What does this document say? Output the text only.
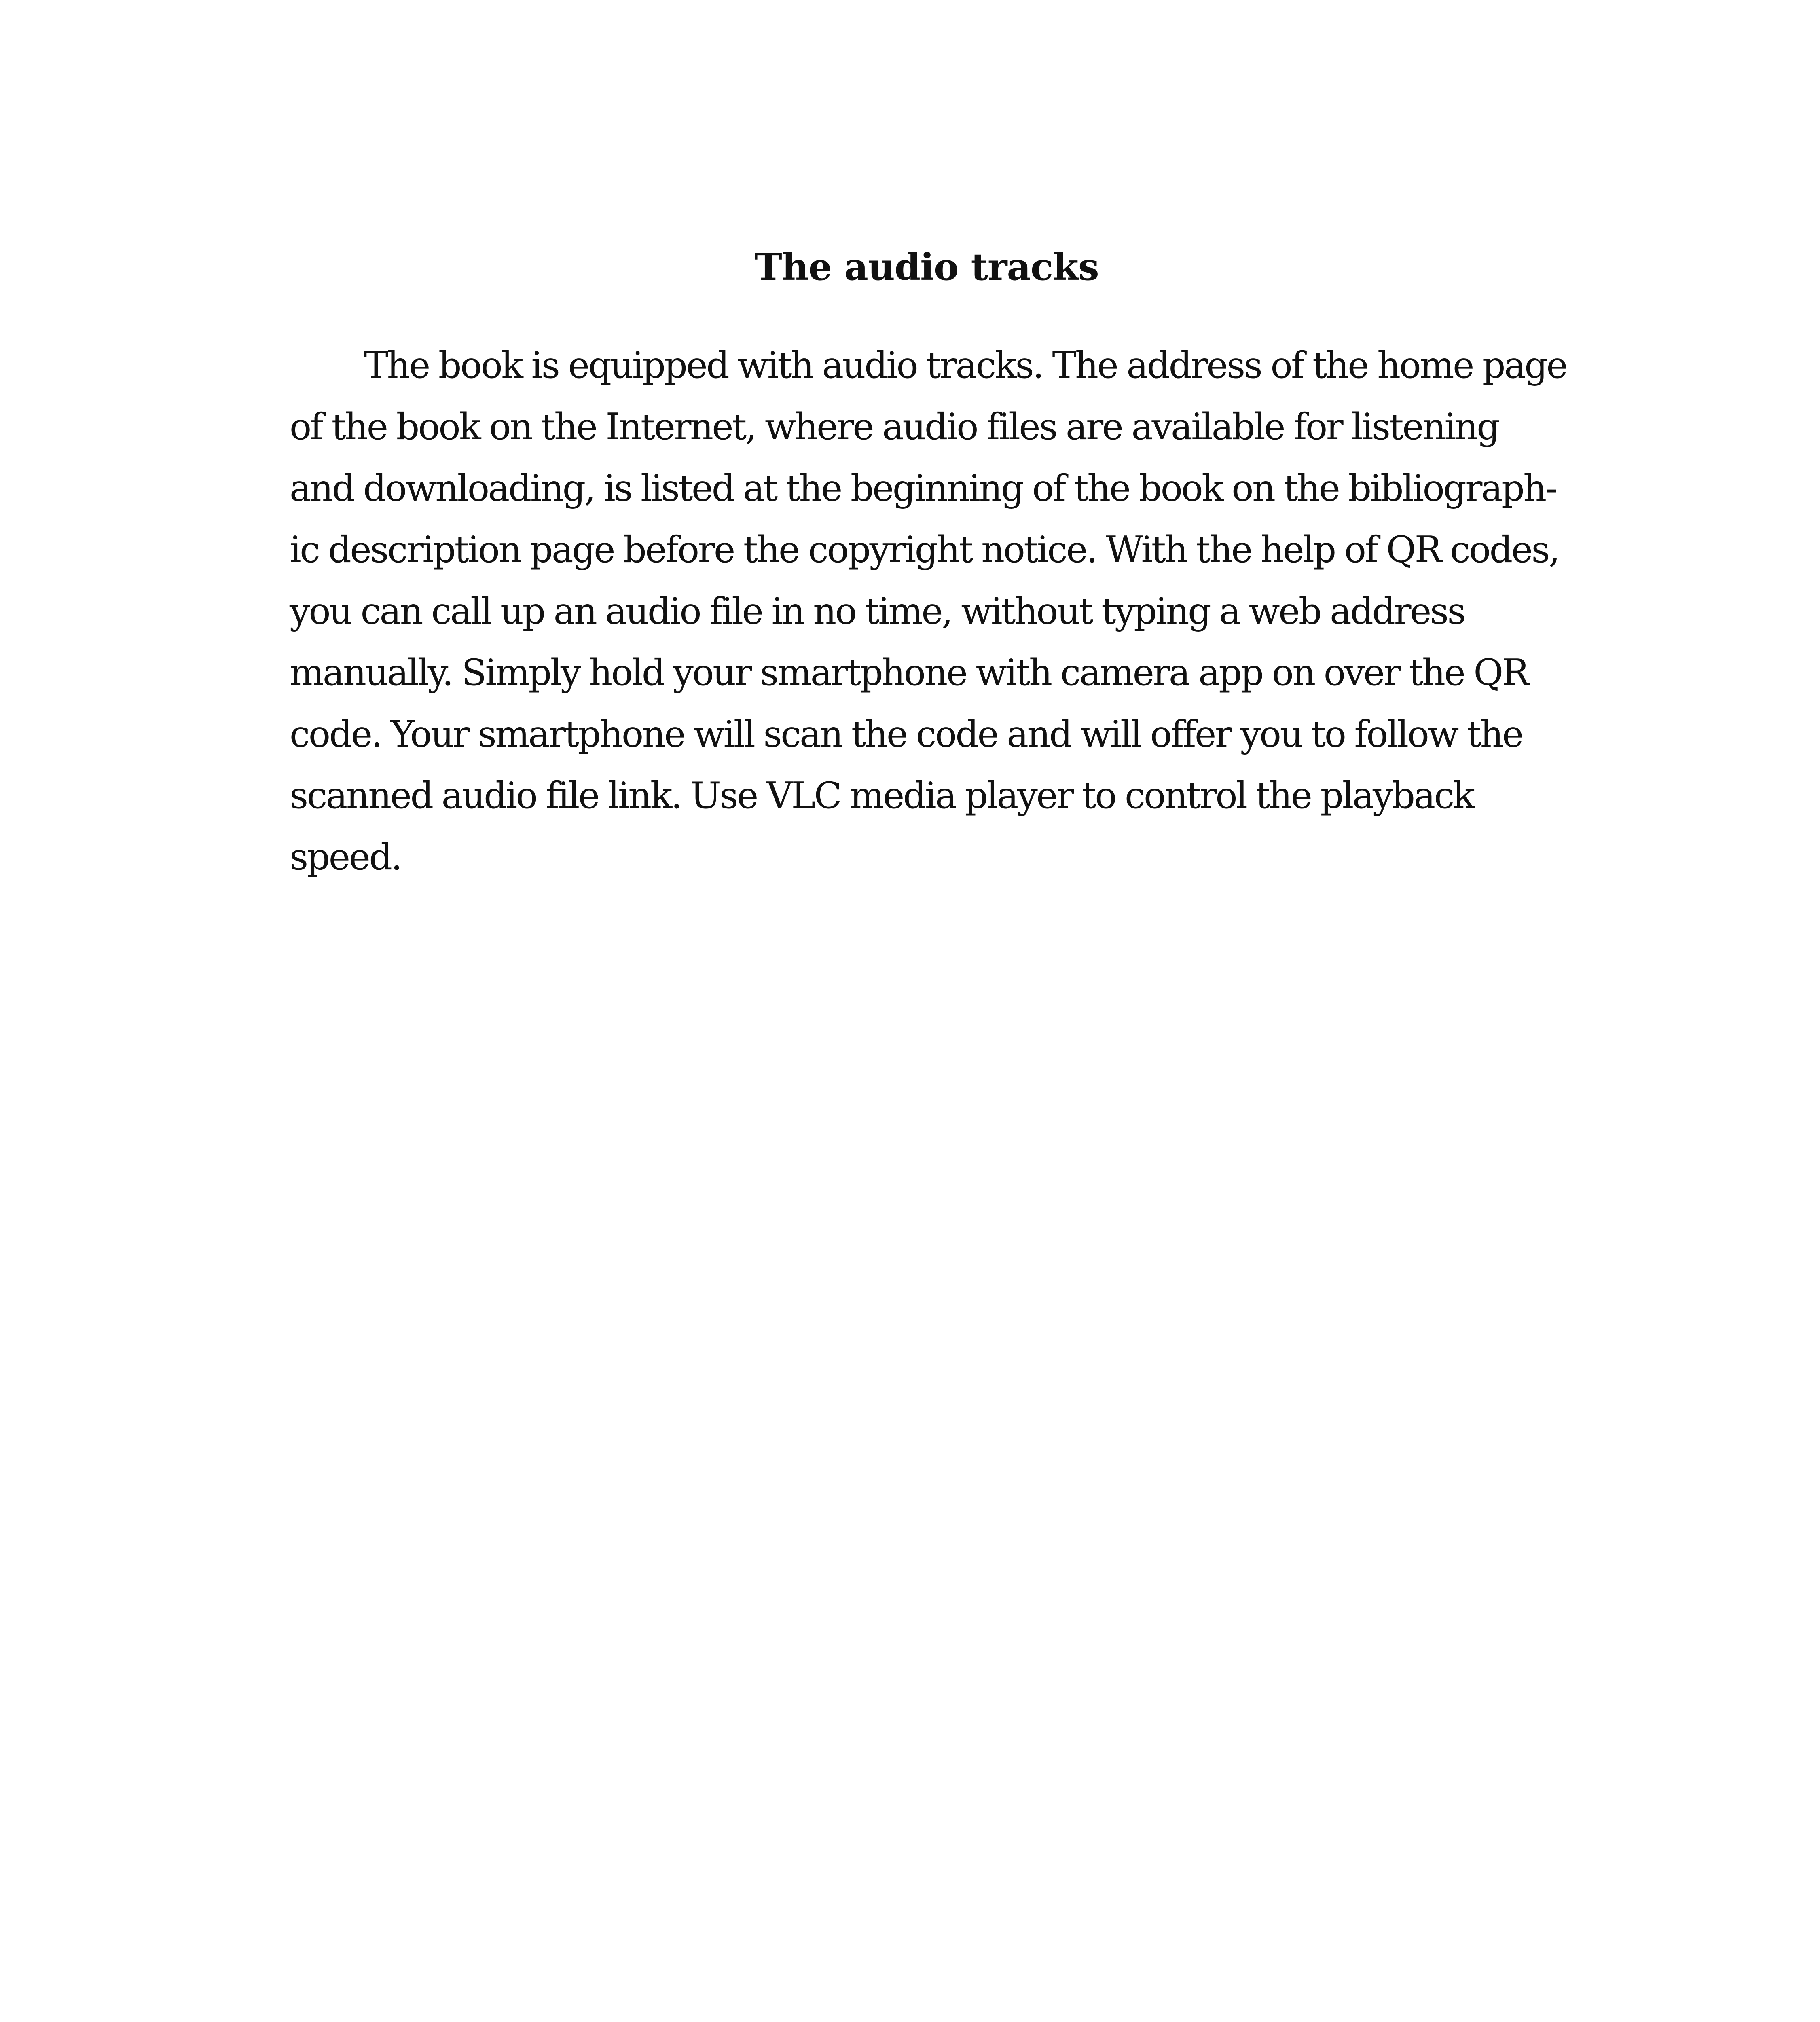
The audio tracks
The book is equipped with audio tracks. The address of the home page
of the book on the Internet, where audio files are available for listening
and downloading, is listed at the beginning of the book on the bibliograph-
ic description page before the copyright notice. With the help of QR codes,
you can call up an audio file in no time, without typing a web address
manually. Simply hold your smartphone with camera app on over the QR
code. Your smartphone will scan the code and will offer you to follow the
scanned audio file link. Use VLC media player to control the playback
speed.
